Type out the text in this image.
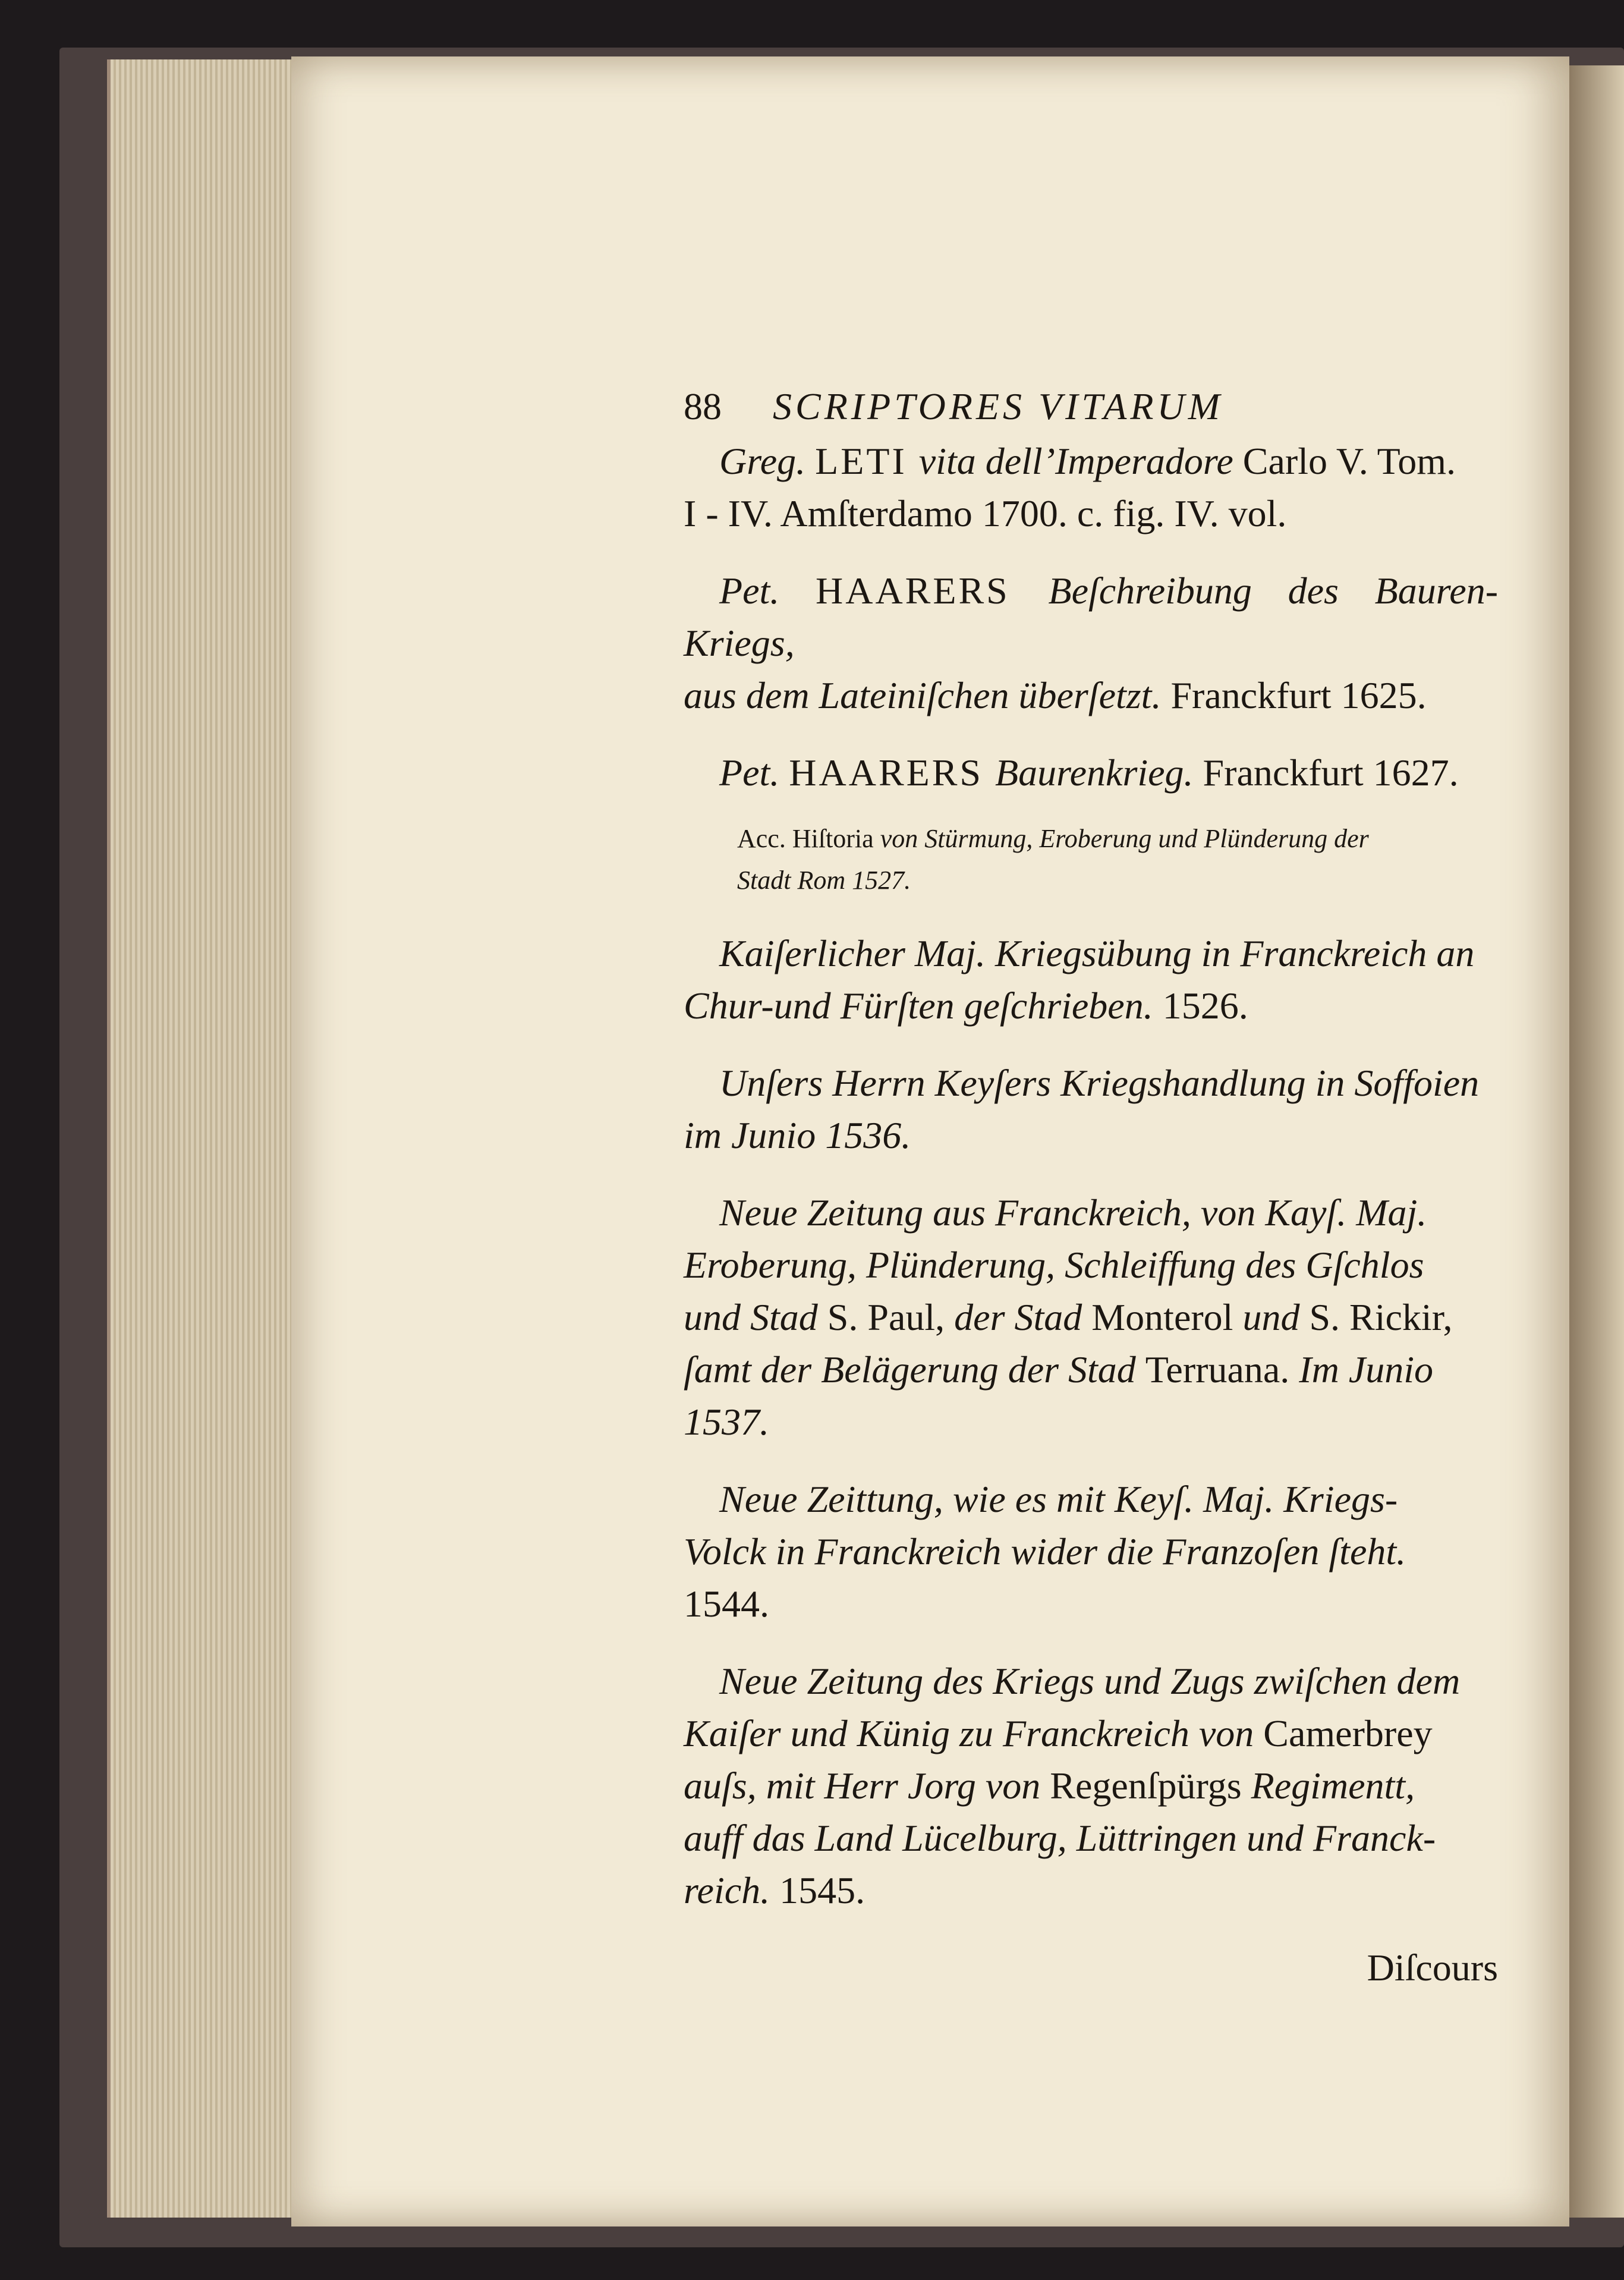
88	SCRIPTORES VITARUM

Greg. LETI vita dell’Imperadore Carlo V. Tom.

I - IV. Amſterdamo 1700. c. fig. IV. vol.

Pet. HAARERS Beſchreibung des Bauren-Kriegs,

aus dem Lateiniſchen überſetzt. Franckfurt 1625.

Pet. HAARERS Baurenkrieg. Franckfurt 1627.

Acc. Hiſtoria von Stürmung, Eroberung und Plünderung der

Stadt Rom 1527.

Kaiſerlicher Maj. Kriegsübung in Franckreich an

Chur-und Fürſten geſchrieben. 1526.

Unſers Herrn Keyſers Kriegshandlung in Soffoien

im Junio 1536.

Neue Zeitung aus Franckreich, von Kayſ. Maj.

Eroberung, Plünderung, Schleiffung des Gſchlos

und Stad S. Paul, der Stad Monterol und S. Rickir,

ſamt der Belägerung der Stad Terruana. Im Junio

1537.

Neue Zeittung, wie es mit Keyſ. Maj. Kriegs-

Volck in Franckreich wider die Franzoſen ſteht.

1544.

Neue Zeitung des Kriegs und Zugs zwiſchen dem

Kaiſer und Künig zu Franckreich von Camerbrey

auſs, mit Herr Jorg von Regenſpürgs Regimentt,

auff das Land Lücelburg, Lüttringen und Franck-

reich. 1545.

Diſcours
